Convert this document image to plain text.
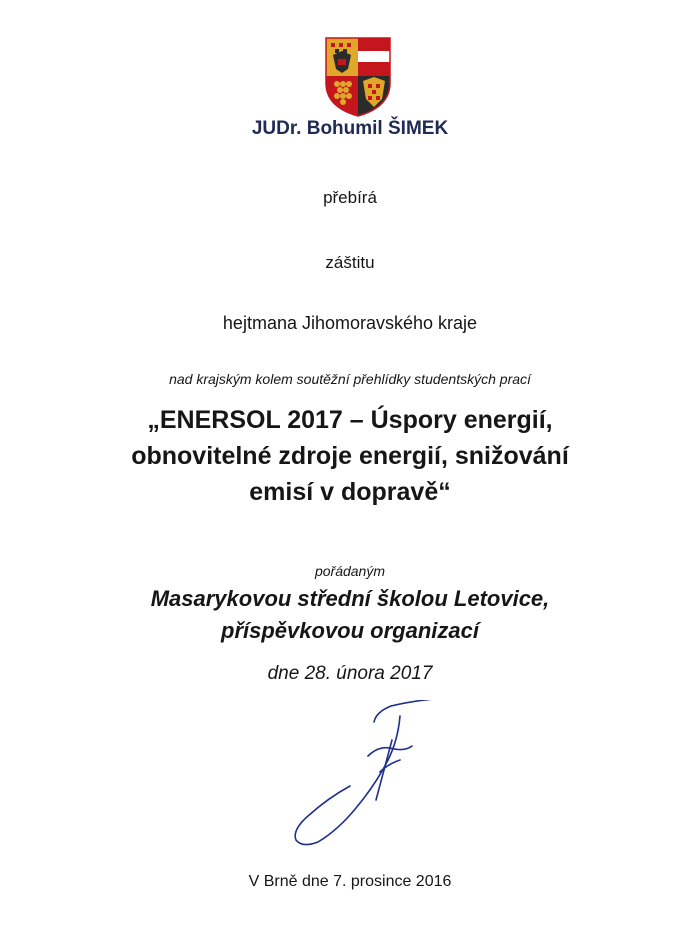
JUDr. Bohumil ŠIMEK
přebírá
záštitu
hejtmana Jihomoravského kraje
nad krajským kolem soutěžní přehlídky studentských prací
„ENERSOL 2017 – Úspory energií,
obnovitelné zdroje energií, snižování
emisí v dopravě“
pořádaným
Masarykovou střední školou Letovice,
příspěvkovou organizací
dne 28. února 2017
V Brně dne 7. prosince 2016
